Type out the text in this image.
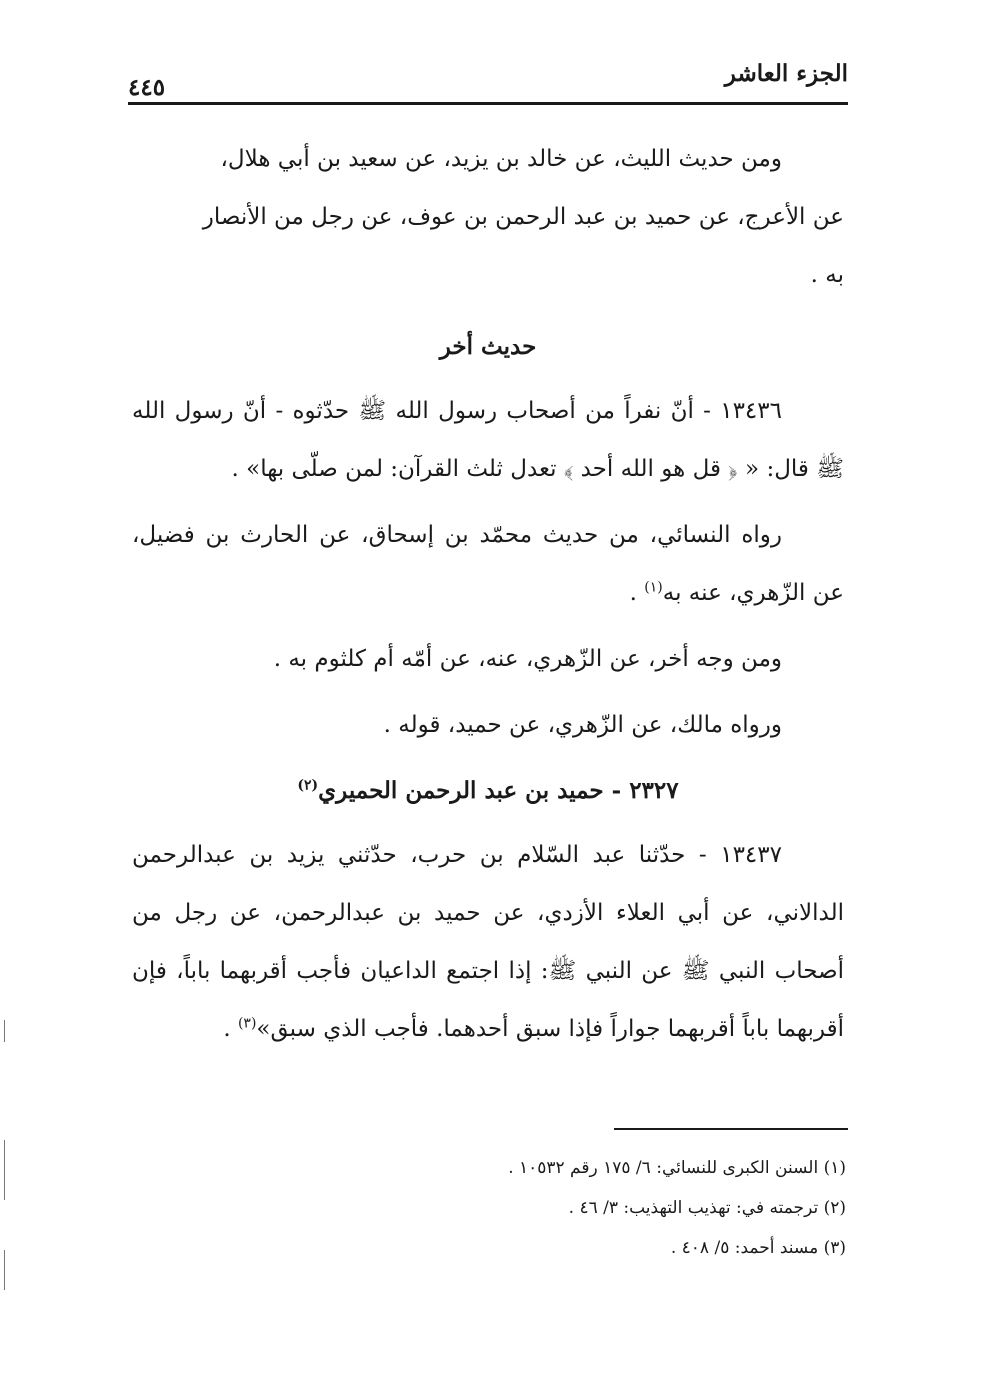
الجزء العاشر
٤٤٥

ومن حديث الليث، عن خالد بن يزيد، عن سعيد بن أبي هلال،

عن الأعرج، عن حميد بن عبد الرحمن بن عوف، عن رجل من الأنصار

به .

حديث أخر

١٣٤٣٦ - أنّ نفراً من أصحاب رسول الله ﷺ حدّثوه - أنّ رسول الله ﷺ قال: « ﴿ قل هو الله أحد ﴾ تعدل ثلث القرآن: لمن صلّى بها» .

رواه النسائي، من حديث محمّد بن إسحاق، عن الحارث بن فضيل، عن الزّهري، عنه به$^{(١)}$ .

ومن وجه أخر، عن الزّهري، عنه، عن أمّه أم كلثوم به .

ورواه مالك، عن الزّهري، عن حميد، قوله .

٢٣٢٧ - حميد بن عبد الرحمن الحميري$^{(٢)}$

١٣٤٣٧ - حدّثنا عبد السّلام بن حرب، حدّثني يزيد بن عبدالرحمن الدالاني، عن أبي العلاء الأزدي، عن حميد بن عبدالرحمن، عن رجل من أصحاب النبي ﷺ عن النبي ﷺ: إذا اجتمع الداعيان فأجب أقربهما باباً، فإن أقربهما باباً أقربهما جواراً فإذا سبق أحدهما. فأجب الذي سبق»$^{(٣)}$ .

(١) السنن الكبرى للنسائي: ٦/ ١٧٥ رقم ١٠٥٣٢ .
(٢) ترجمته في: تهذيب التهذيب: ٣/ ٤٦ .
(٣) مسند أحمد: ٥/ ٤٠٨ .
